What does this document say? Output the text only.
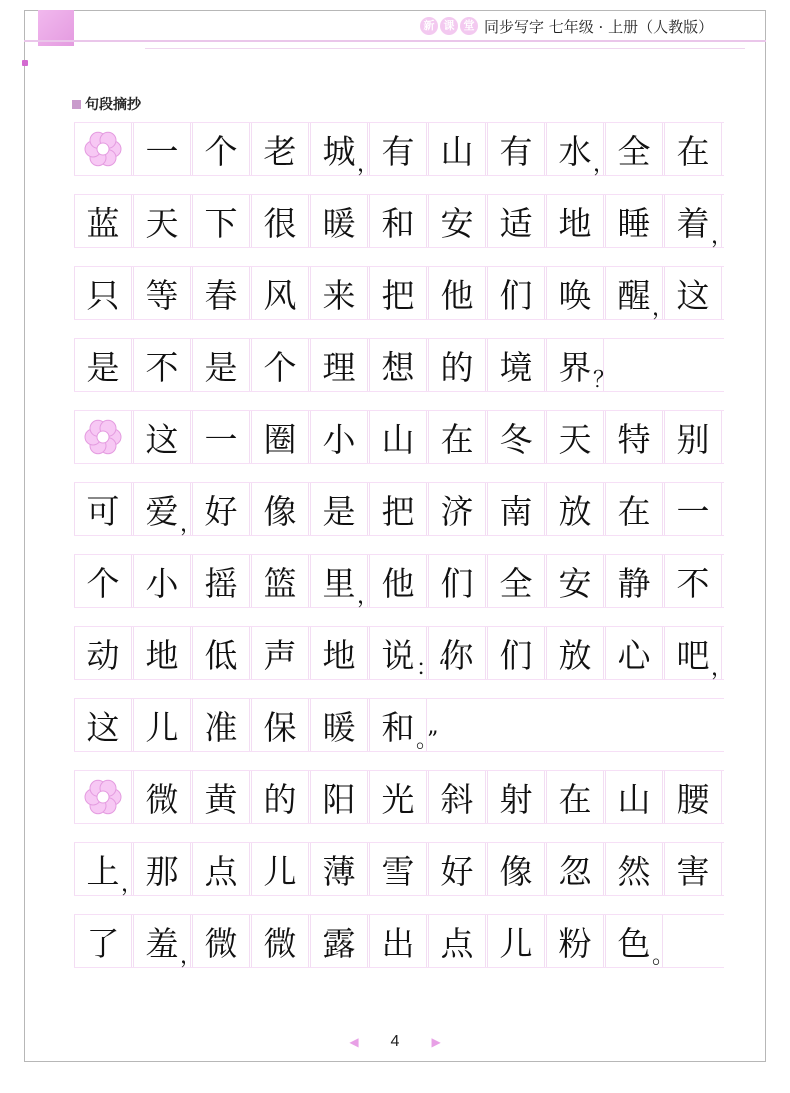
新 课 堂 同步写字 七年级 · 上册（人教版）
句段摘抄
一 个 老 城 有 山 有 水 全 在
，	，
蓝 天 下 很 暖 和 安 适 地 睡 着 ，
只 等 春 风 来 把 他 们 唤 醒 这
，
是 不 是 个 理 想 的 境 界 ？
这 一 圈 小 山 在 冬 天 特 别
可 爱 好 像 是 把 济 南 放 在 一
，
个 小 摇 篮 里 他 们 全 安 静 不
，
动 地 低 声 地 说 你 们 放 心 吧
：“	，
这 儿 准 保 暖 和 。”
微 黄 的 阳 光 斜 射 在 山 腰
上 那 点 儿 薄 雪 好 像 忽 然 害
，
了 羞 微 微 露 出 点 儿 粉 色
，	。
◀ 4	▶
